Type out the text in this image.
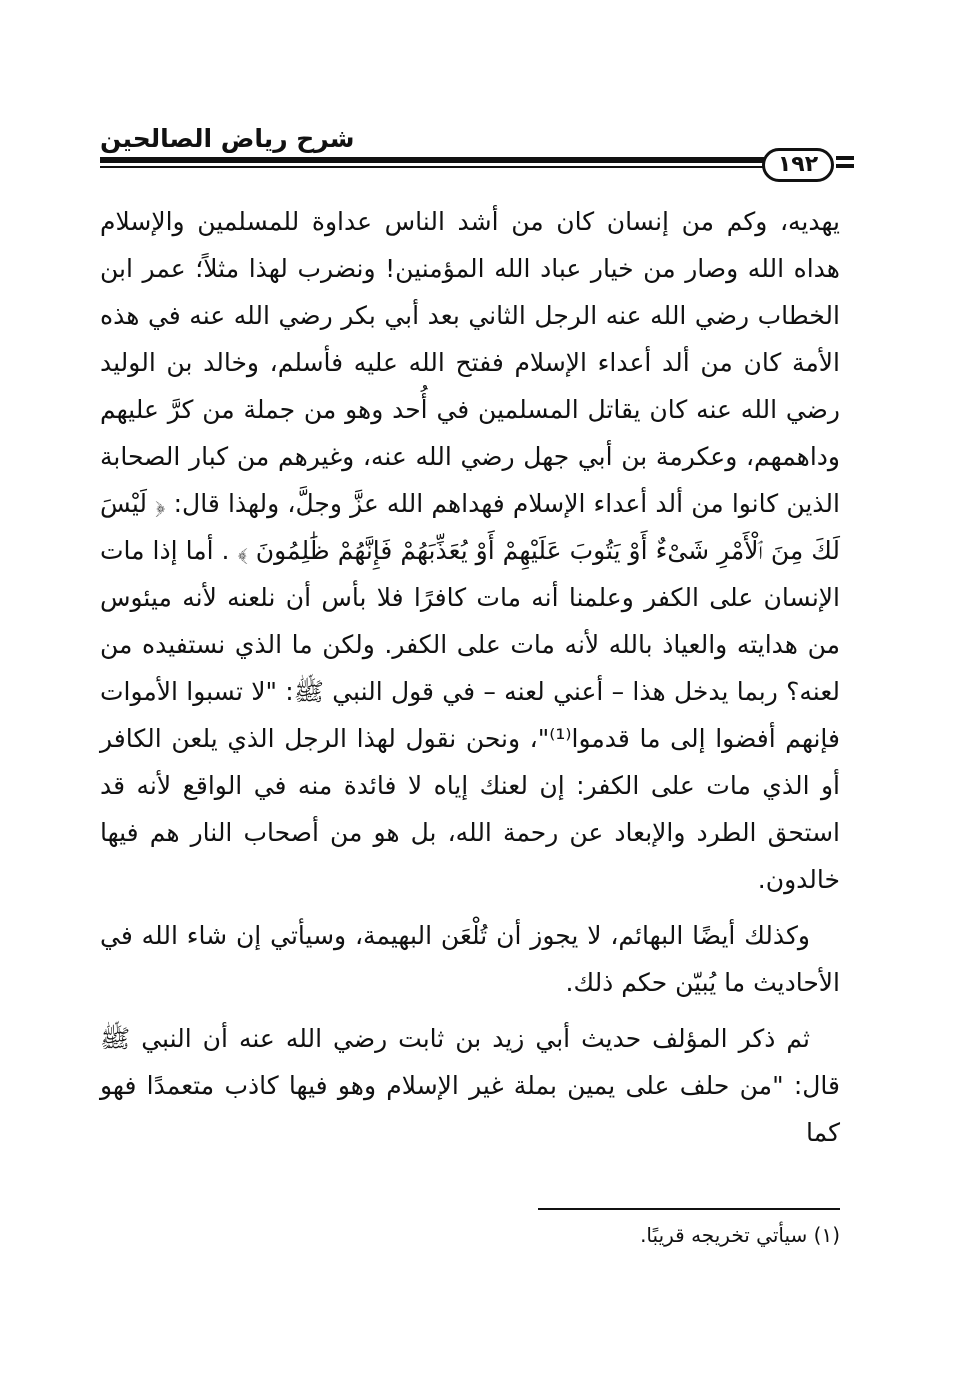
شرح رياض الصالحين
١٩٢

يهديه، وكم من إنسان كان من أشد الناس عداوة للمسلمين والإسلام هداه الله وصار من خيار عباد الله المؤمنين! ونضرب لهذا مثلاً؛ عمر ابن الخطاب رضي الله عنه الرجل الثاني بعد أبي بكر رضي الله عنه في هذه الأمة كان من ألد أعداء الإسلام ففتح الله عليه فأسلم، وخالد بن الوليد رضي الله عنه كان يقاتل المسلمين في أُحد وهو من جملة من كرَّ عليهم وداهمهم، وعكرمة بن أبي جهل رضي الله عنه، وغيرهم من كبار الصحابة الذين كانوا من ألد أعداء الإسلام فهداهم الله عزَّ وجلَّ، ولهذا قال: ﴿ لَيْسَ لَكَ مِنَ ٱلْأَمْرِ شَىْءٌ أَوْ يَتُوبَ عَلَيْهِمْ أَوْ يُعَذِّبَهُمْ فَإِنَّهُمْ ظَٰلِمُونَ ﴾ . أما إذا مات الإنسان على الكفر وعلمنا أنه مات كافرًا فلا بأس أن نلعنه لأنه ميئوس من هدايته والعياذ بالله لأنه مات على الكفر. ولكن ما الذي نستفيده من لعنه؟ ربما يدخل هذا – أعني لعنه – في قول النبي ﷺ: "لا تسبوا الأموات فإنهم أفضوا إلى ما قدموا⁽¹⁾"، ونحن نقول لهذا الرجل الذي يلعن الكافر أو الذي مات على الكفر: إن لعنك إياه لا فائدة منه في الواقع لأنه قد استحق الطرد والإبعاد عن رحمة الله، بل هو من أصحاب النار هم فيها خالدون.

وكذلك أيضًا البهائم، لا يجوز أن تُلْعَن البهيمة، وسيأتي إن شاء الله في الأحاديث ما يُبيّن حكم ذلك.

ثم ذكر المؤلف حديث أبي زيد بن ثابت رضي الله عنه أن النبي ﷺ قال: "من حلف على يمين بملة غير الإسلام وهو فيها كاذب متعمدًا فهو كما

(١) سيأتي تخريجه قريبًا.
